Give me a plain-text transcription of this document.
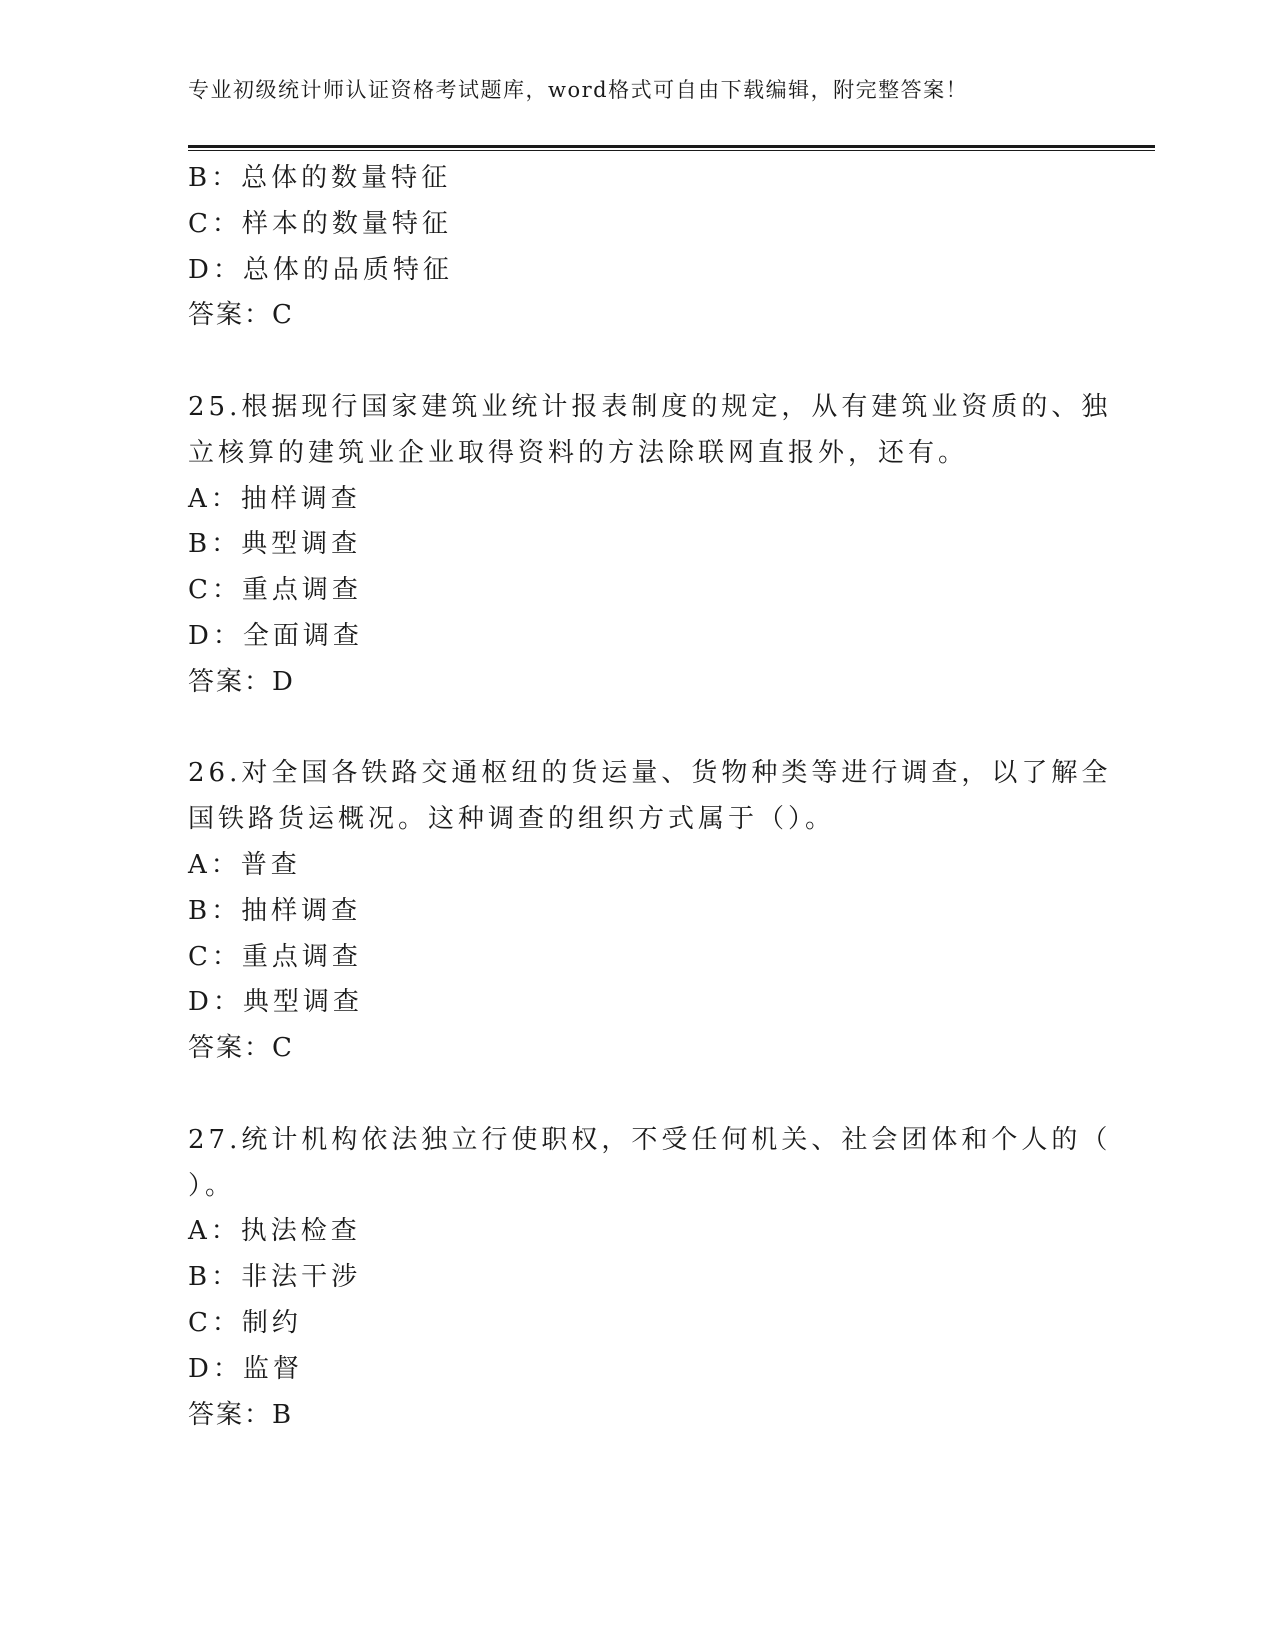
专业初级统计师认证资格考试题库，word格式可自由下载编辑，附完整答案！
B：总体的数量特征
C：样本的数量特征
D：总体的品质特征
答案：C
25.根据现行国家建筑业统计报表制度的规定，从有建筑业资质的、独
立核算的建筑业企业取得资料的方法除联网直报外，还有。
A：抽样调查
B：典型调查
C：重点调查
D：全面调查
答案：D
26.对全国各铁路交通枢纽的货运量、货物种类等进行调查，以了解全
国铁路货运概况。这种调查的组织方式属于（）。
A：普查
B：抽样调查
C：重点调查
D：典型调查
答案：C
27.统计机构依法独立行使职权，不受任何机关、社会团体和个人的（
）。
A：执法检查
B：非法干涉
C：制约
D：监督
答案：B
